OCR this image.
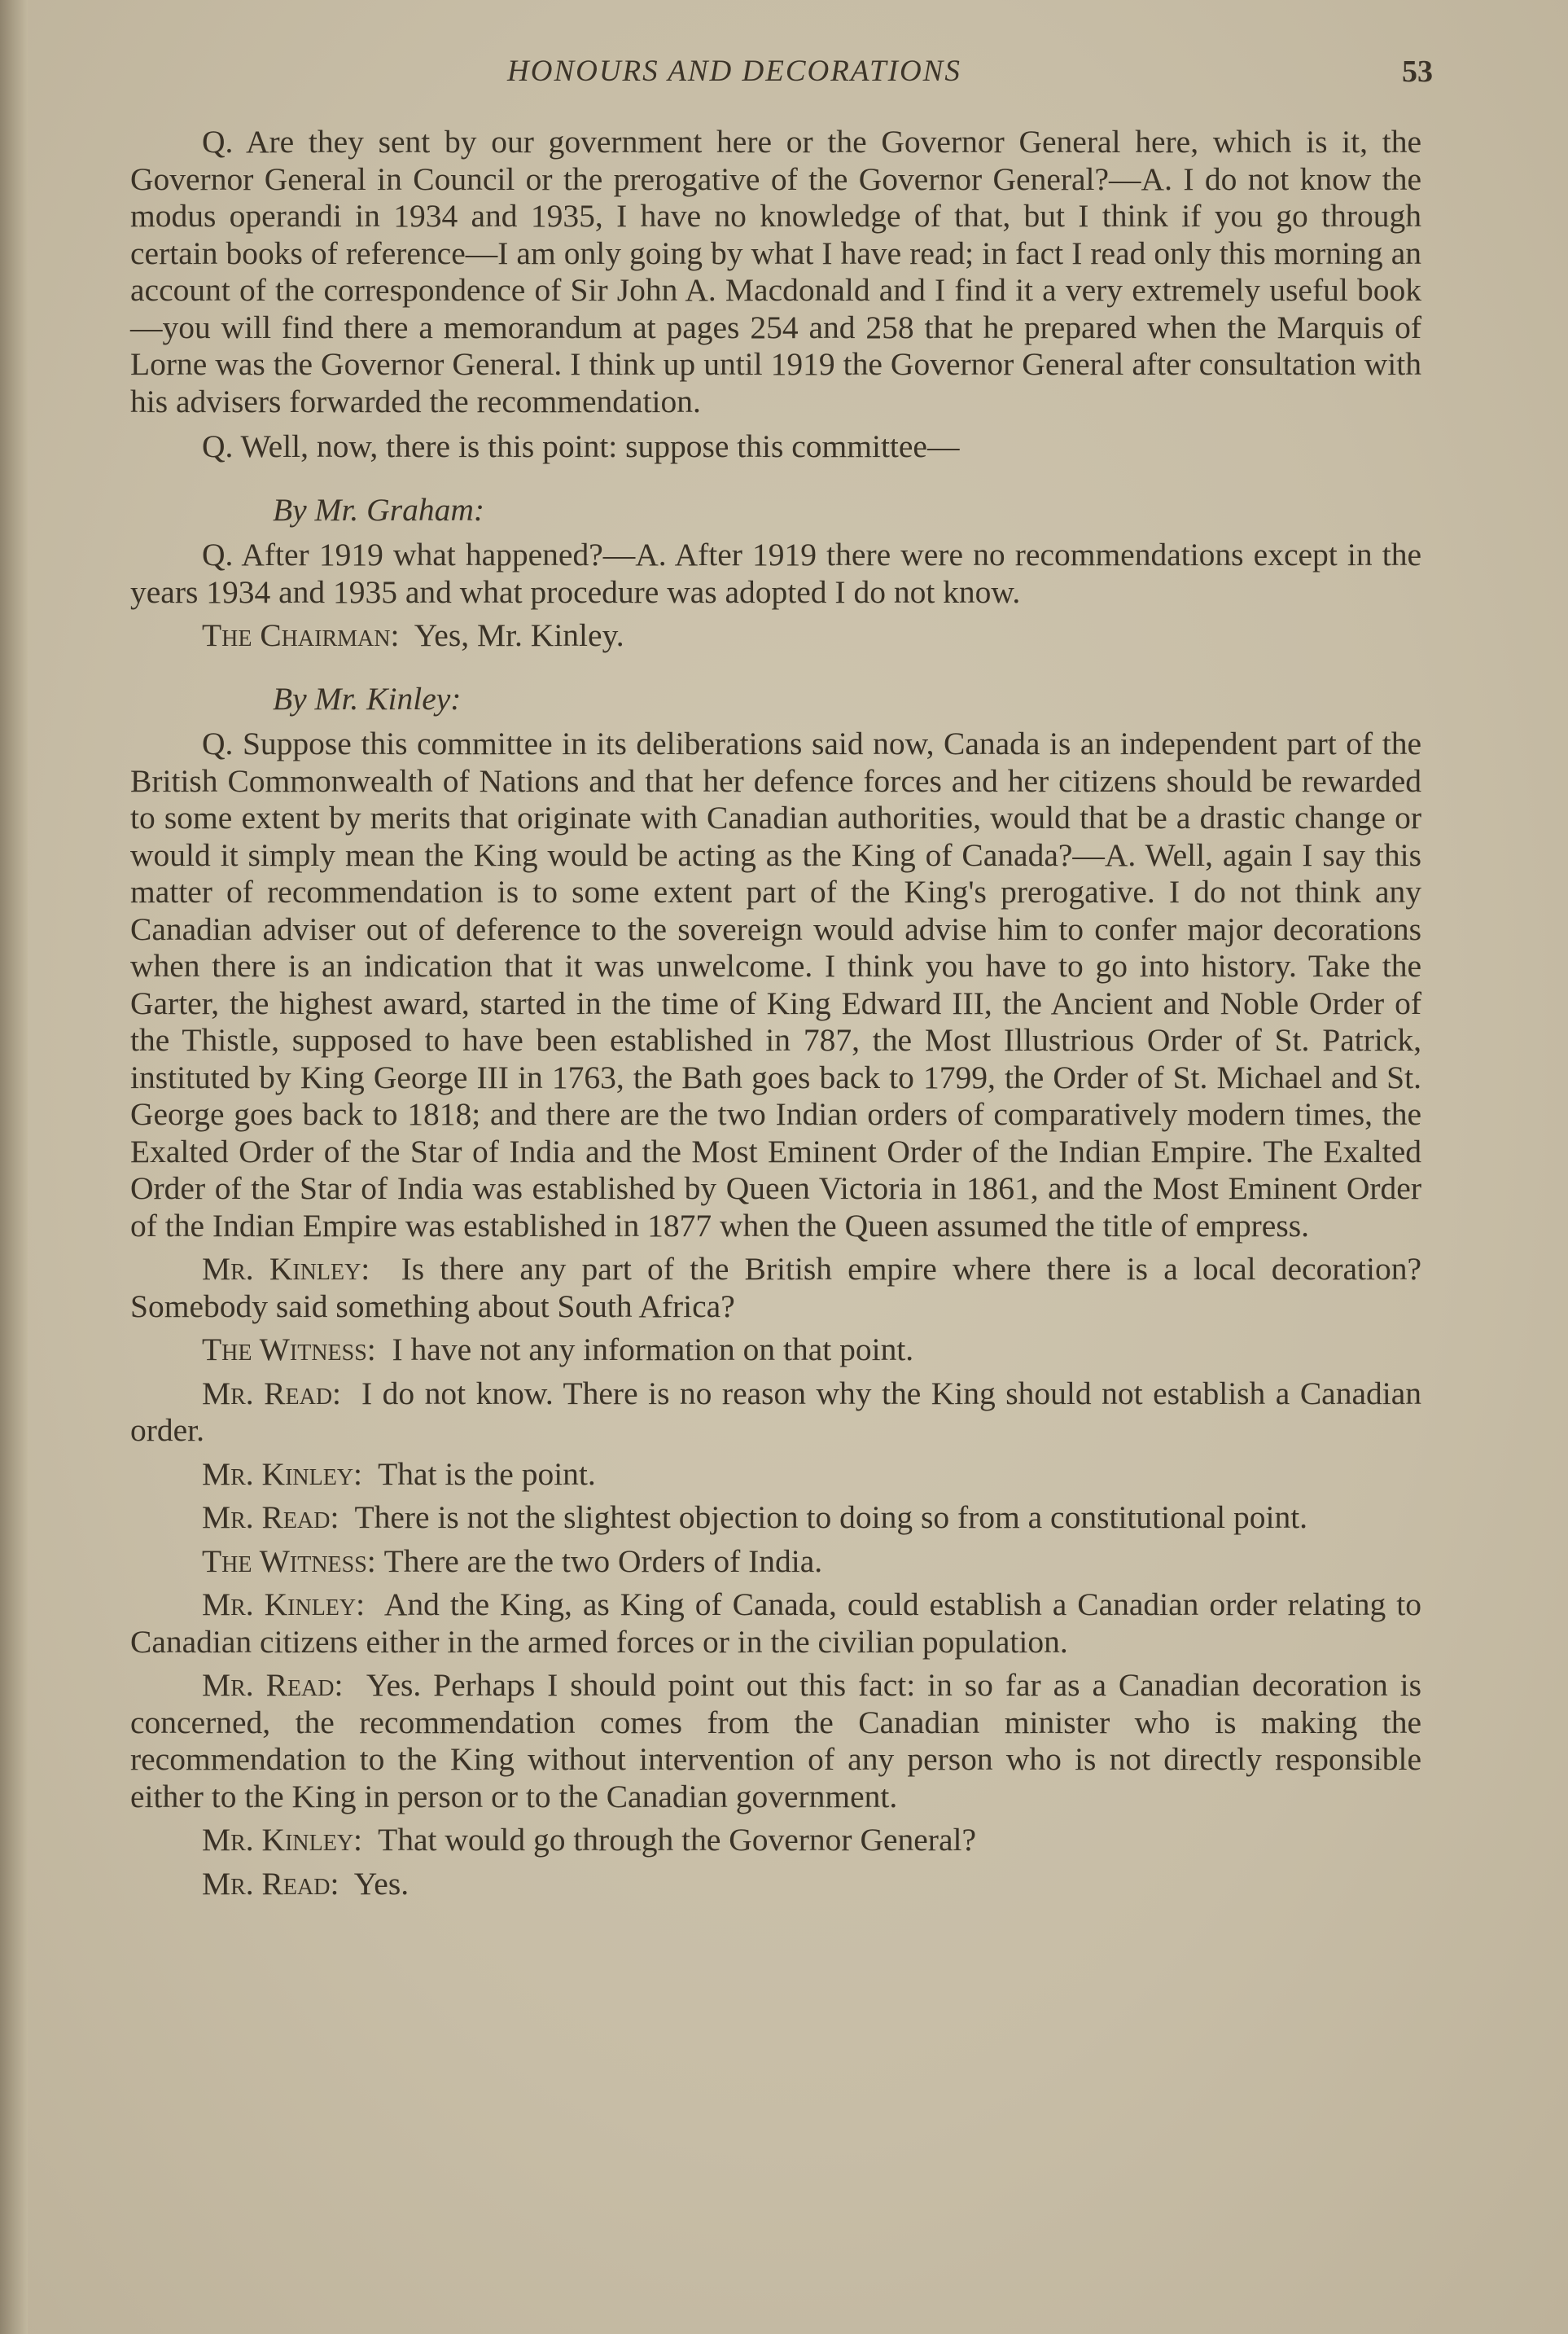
HONOURS AND DECORATIONS	53

Q. Are they sent by our government here or the Governor General here, which is it, the Governor General in Council or the prerogative of the Governor General?—A. I do not know the modus operandi in 1934 and 1935, I have no knowledge of that, but I think if you go through certain books of reference—I am only going by what I have read; in fact I read only this morning an account of the correspondence of Sir John A. Macdonald and I find it a very extremely useful book—you will find there a memorandum at pages 254 and 258 that he prepared when the Marquis of Lorne was the Governor General. I think up until 1919 the Governor General after consultation with his advisers forwarded the recommendation.

Q. Well, now, there is this point: suppose this committee—

By Mr. Graham:

Q. After 1919 what happened?—A. After 1919 there were no recommendations except in the years 1934 and 1935 and what procedure was adopted I do not know.

The Chairman: Yes, Mr. Kinley.

By Mr. Kinley:

Q. Suppose this committee in its deliberations said now, Canada is an independent part of the British Commonwealth of Nations and that her defence forces and her citizens should be rewarded to some extent by merits that originate with Canadian authorities, would that be a drastic change or would it simply mean the King would be acting as the King of Canada?—A. Well, again I say this matter of recommendation is to some extent part of the King's prerogative. I do not think any Canadian adviser out of deference to the sovereign would advise him to confer major decorations when there is an indication that it was unwelcome. I think you have to go into history. Take the Garter, the highest award, started in the time of King Edward III, the Ancient and Noble Order of the Thistle, supposed to have been established in 787, the Most Illustrious Order of St. Patrick, instituted by King George III in 1763, the Bath goes back to 1799, the Order of St. Michael and St. George goes back to 1818; and there are the two Indian orders of comparatively modern times, the Exalted Order of the Star of India and the Most Eminent Order of the Indian Empire. The Exalted Order of the Star of India was established by Queen Victoria in 1861, and the Most Eminent Order of the Indian Empire was established in 1877 when the Queen assumed the title of empress.

Mr. Kinley: Is there any part of the British empire where there is a local decoration? Somebody said something about South Africa?

The Witness: I have not any information on that point.

Mr. Read: I do not know. There is no reason why the King should not establish a Canadian order.

Mr. Kinley: That is the point.

Mr. Read: There is not the slightest objection to doing so from a constitutional point.

The Witness: There are the two Orders of India.

Mr. Kinley: And the King, as King of Canada, could establish a Canadian order relating to Canadian citizens either in the armed forces or in the civilian population.

Mr. Read: Yes. Perhaps I should point out this fact: in so far as a Canadian decoration is concerned, the recommendation comes from the Canadian minister who is making the recommendation to the King without intervention of any person who is not directly responsible either to the King in person or to the Canadian government.

Mr. Kinley: That would go through the Governor General?

Mr. Read: Yes.
